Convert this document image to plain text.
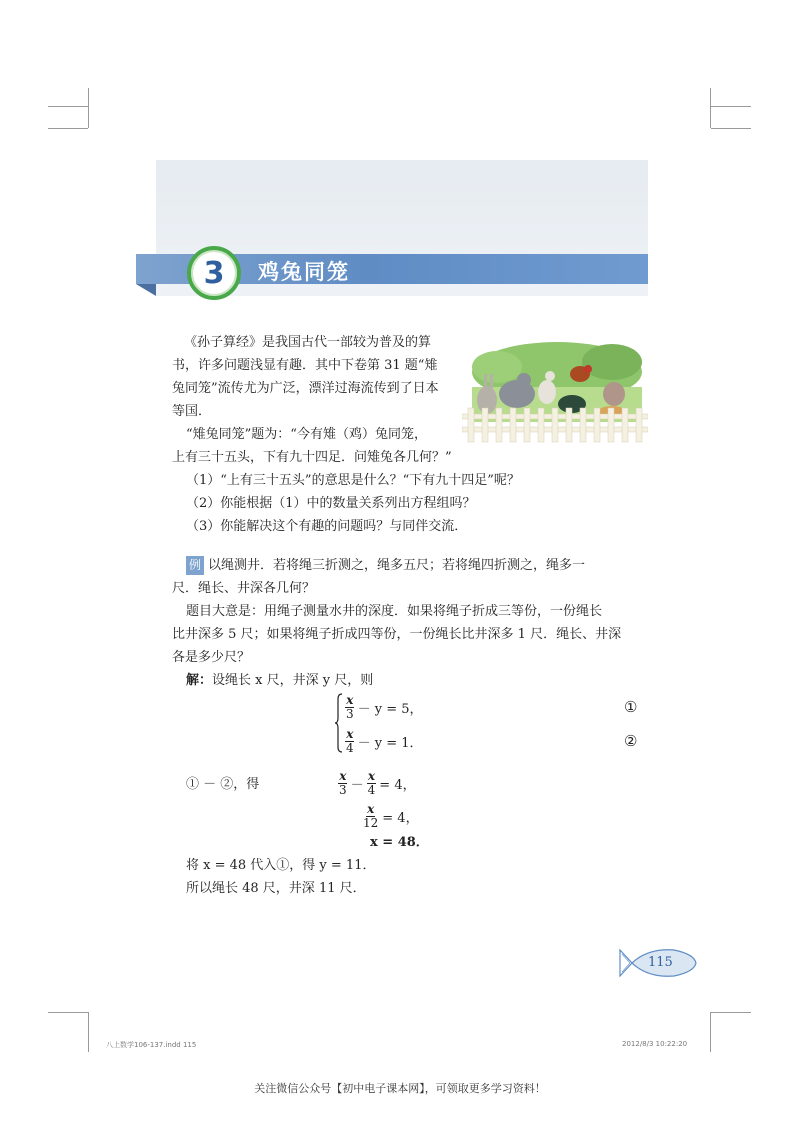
3 鸡兔同笼
《孙子算经》是我国古代一部较为普及的算
书，许多问题浅显有趣．其中下卷第 31 题“雉
兔同笼”流传尤为广泛，漂洋过海流传到了日本
等国．
“雉兔同笼”题为：“今有雉（鸡）兔同笼，
上有三十五头，下有九十四足．问雉兔各几何？”
（1）“上有三十五头”的意思是什么？“下有九十四足”呢？
（2）你能根据（1）中的数量关系列出方程组吗？
（3）你能解决这个有趣的问题吗？与同伴交流．
例 以绳测井．若将绳三折测之，绳多五尺；若将绳四折测之，绳多一
尺．绳长、井深各几何？
题目大意是：用绳子测量水井的深度．如果将绳子折成三等份，一份绳长
比井深多 5 尺；如果将绳子折成四等份，一份绳长比井深多 1 尺．绳长、井深
各是多少尺？
解：设绳长 x 尺，井深 y 尺，则
$\frac{x}{3} - y = 5$，	①
$\frac{x}{4} - y = 1$．	②
① － ②，得	$\frac{x}{3} - \frac{x}{4} = 4$，
$\frac{x}{12} = 4$，
x = 48．
将 x = 48 代入①，得 y = 11．
所以绳长 48 尺，井深 11 尺．
115
八上数学106-137.indd 115	2012/8/3 10:22:20
关注微信公众号【初中电子课本网】，可领取更多学习资料！
